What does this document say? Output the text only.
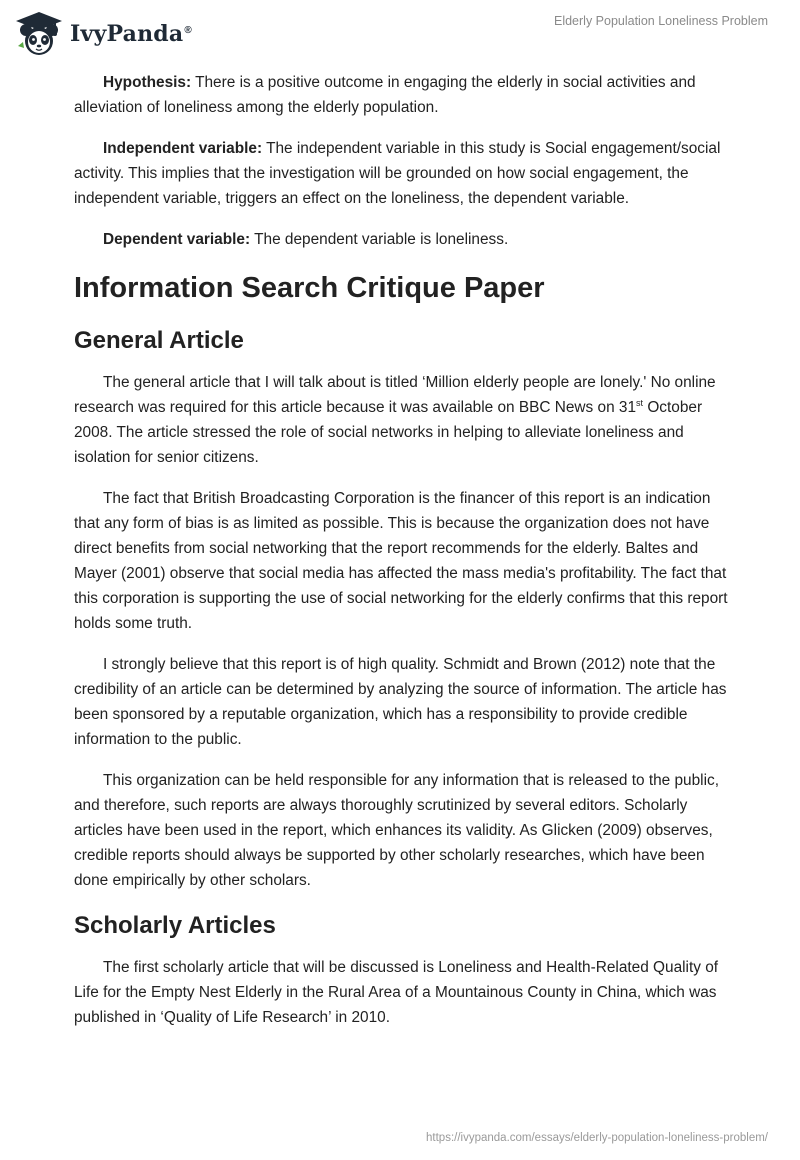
IvyPanda®
Elderly Population Loneliness Problem

Hypothesis: There is a positive outcome in engaging the elderly in social activities and alleviation of loneliness among the elderly population.

Independent variable: The independent variable in this study is Social engagement/social activity. This implies that the investigation will be grounded on how social engagement, the independent variable, triggers an effect on the loneliness, the dependent variable.

Dependent variable: The dependent variable is loneliness.

Information Search Critique Paper
General Article

The general article that I will talk about is titled ‘Million elderly people are lonely.' No online research was required for this article because it was available on BBC News on 31st October 2008. The article stressed the role of social networks in helping to alleviate loneliness and isolation for senior citizens.

The fact that British Broadcasting Corporation is the financer of this report is an indication that any form of bias is as limited as possible. This is because the organization does not have direct benefits from social networking that the report recommends for the elderly. Baltes and Mayer (2001) observe that social media has affected the mass media's profitability. The fact that this corporation is supporting the use of social networking for the elderly confirms that this report holds some truth.

I strongly believe that this report is of high quality. Schmidt and Brown (2012) note that the credibility of an article can be determined by analyzing the source of information. The article has been sponsored by a reputable organization, which has a responsibility to provide credible information to the public.

This organization can be held responsible for any information that is released to the public, and therefore, such reports are always thoroughly scrutinized by several editors. Scholarly articles have been used in the report, which enhances its validity. As Glicken (2009) observes, credible reports should always be supported by other scholarly researches, which have been done empirically by other scholars.

Scholarly Articles

The first scholarly article that will be discussed is Loneliness and Health-Related Quality of Life for the Empty Nest Elderly in the Rural Area of a Mountainous County in China, which was published in ‘Quality of Life Research’ in 2010.

https://ivypanda.com/essays/elderly-population-loneliness-problem/
